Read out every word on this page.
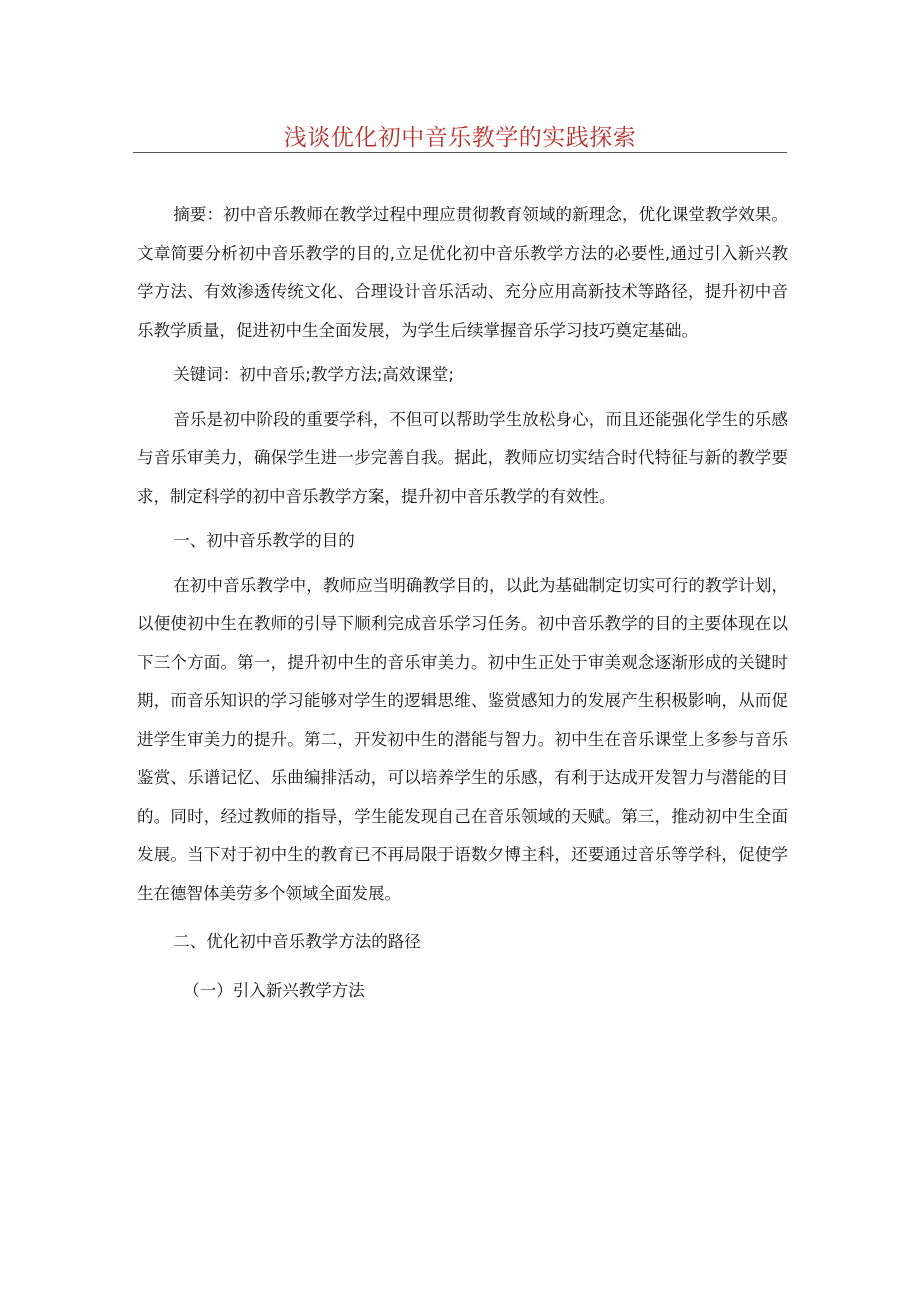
浅谈优化初中音乐教学的实践探索

摘要：初中音乐教师在教学过程中理应贯彻教育领域的新理念，优化课堂教学效果。文章简要分析初中音乐教学的目的,立足优化初中音乐教学方法的必要性,通过引入新兴教学方法、有效渗透传统文化、合理设计音乐活动、充分应用高新技术等路径，提升初中音乐教学质量，促进初中生全面发展，为学生后续掌握音乐学习技巧奠定基础。

关键词：初中音乐;教学方法;高效课堂;

音乐是初中阶段的重要学科，不但可以帮助学生放松身心，而且还能强化学生的乐感与音乐审美力，确保学生进一步完善自我。据此，教师应切实结合时代特征与新的教学要求，制定科学的初中音乐教学方案，提升初中音乐教学的有效性。

一、初中音乐教学的目的

在初中音乐教学中，教师应当明确教学目的，以此为基础制定切实可行的教学计划，以便使初中生在教师的引导下顺利完成音乐学习任务。初中音乐教学的目的主要体现在以下三个方面。第一，提升初中生的音乐审美力。初中生正处于审美观念逐渐形成的关键时期，而音乐知识的学习能够对学生的逻辑思维、鉴赏感知力的发展产生积极影响，从而促进学生审美力的提升。第二，开发初中生的潜能与智力。初中生在音乐课堂上多参与音乐鉴赏、乐谱记忆、乐曲编排活动，可以培养学生的乐感，有利于达成开发智力与潜能的目的。同时，经过教师的指导，学生能发现自己在音乐领域的天赋。第三，推动初中生全面发展。当下对于初中生的教育已不再局限于语数夕博主科，还要通过音乐等学科，促使学生在德智体美劳多个领域全面发展。

二、优化初中音乐教学方法的路径

（一）引入新兴教学方法
